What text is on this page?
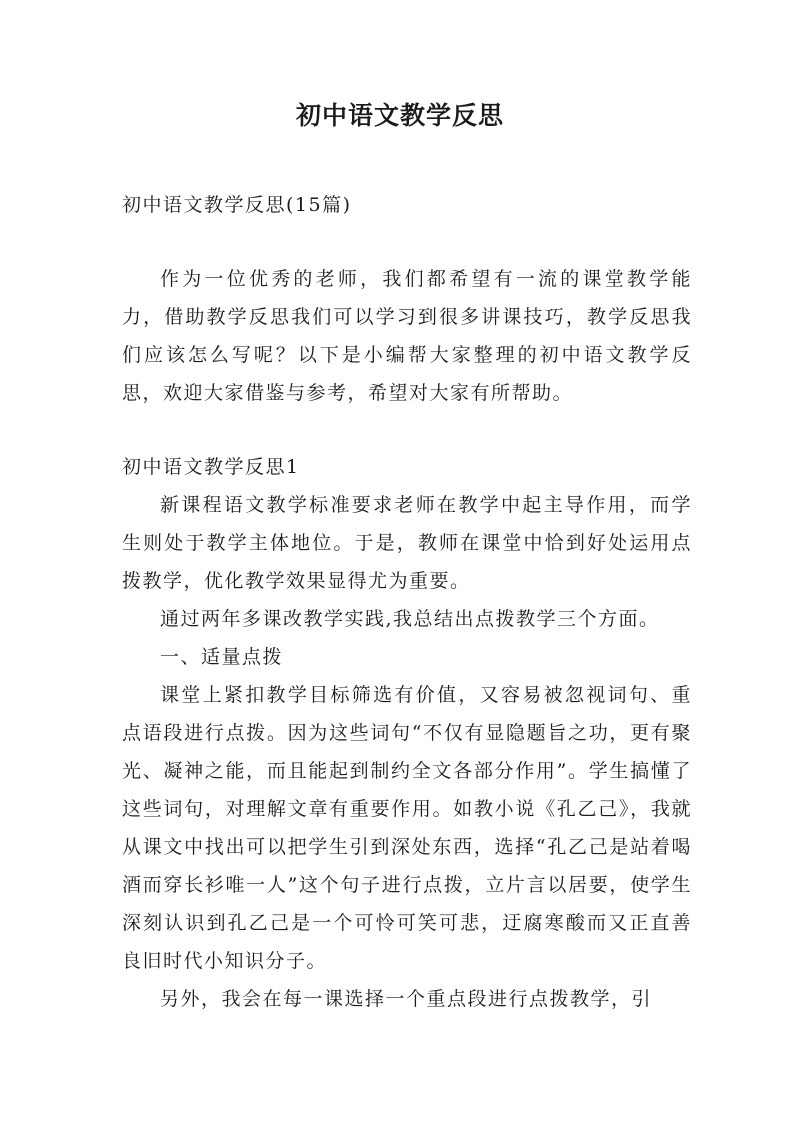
初中语文教学反思

初中语文教学反思(15篇)

作为一位优秀的老师，我们都希望有一流的课堂教学能力，借助教学反思我们可以学习到很多讲课技巧，教学反思我们应该怎么写呢？以下是小编帮大家整理的初中语文教学反思，欢迎大家借鉴与参考，希望对大家有所帮助。

初中语文教学反思1

新课程语文教学标准要求老师在教学中起主导作用，而学生则处于教学主体地位。于是，教师在课堂中恰到好处运用点拨教学，优化教学效果显得尤为重要。

通过两年多课改教学实践,我总结出点拨教学三个方面。

一、适量点拨

课堂上紧扣教学目标筛选有价值，又容易被忽视词句、重点语段进行点拨。因为这些词句“不仅有显隐题旨之功，更有聚光、凝神之能，而且能起到制约全文各部分作用”。学生搞懂了这些词句，对理解文章有重要作用。如教小说《孔乙己》，我就从课文中找出可以把学生引到深处东西，选择“孔乙己是站着喝酒而穿长衫唯一人”这个句子进行点拨，立片言以居要，使学生深刻认识到孔乙己是一个可怜可笑可悲，迂腐寒酸而又正直善良旧时代小知识分子。

另外，我会在每一课选择一个重点段进行点拨教学，引
